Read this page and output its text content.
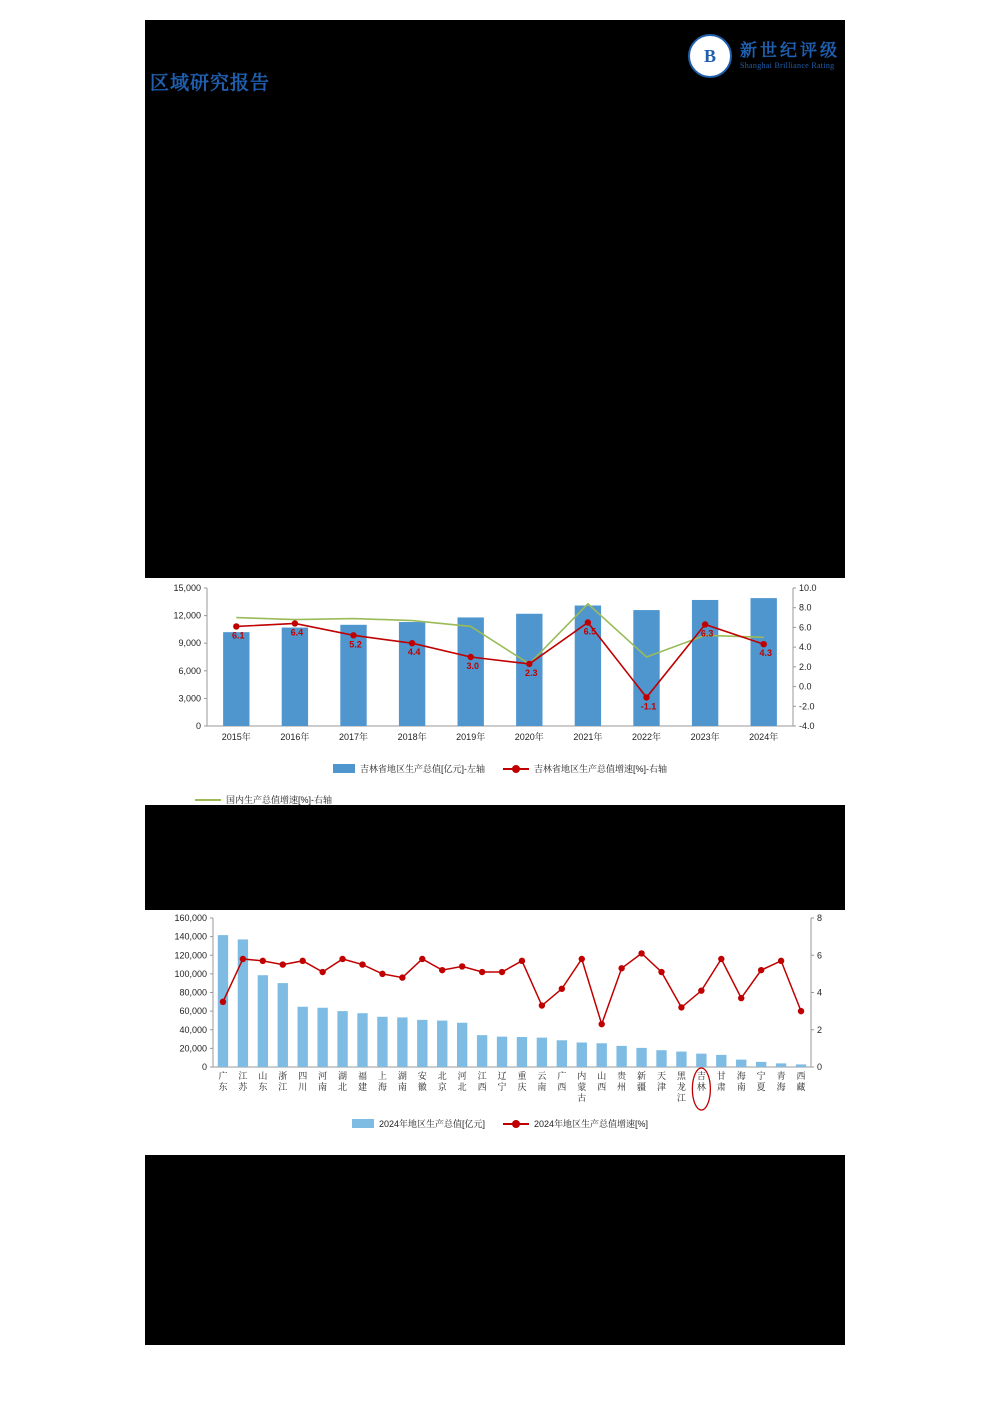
区域研究报告
B	新世纪评级
Shanghai Brilliance Rating
0
3,000
6,000
9,000
12,000
15,000
-4.0
-2.0
0.0
2.0
4.0
6.0
8.0
10.0
2015年	2016年	2017年	2018年	2019年	2020年	2021年	2022年	2023年	2024年
6.1	6.4
5.2
4.4
3.0
2.3
6.5
-1.1
6.3
4.3
吉林省地区生产总值[亿元]-左轴	吉林省地区生产总值增速[%]-右轴
国内生产总值增速[%]-右轴
0
20,000
40,000
60,000
80,000
100,000
120,000
140,000
160,000
0
2
4
6
8
广
东
江
苏
山
东
浙
江
四
川
河
南
湖
北
福
建
上
海
湖
南
安
徽
北
京
河
北
江
西
辽
宁
重
庆
云
南
广
西
内
蒙
古
山
西
贵
州
新
疆
天
津
黑
龙
江
吉
林
甘
肃
海
南
宁
夏
青
海
西
藏
2024年地区生产总值[亿元]	2024年地区生产总值增速[%]
